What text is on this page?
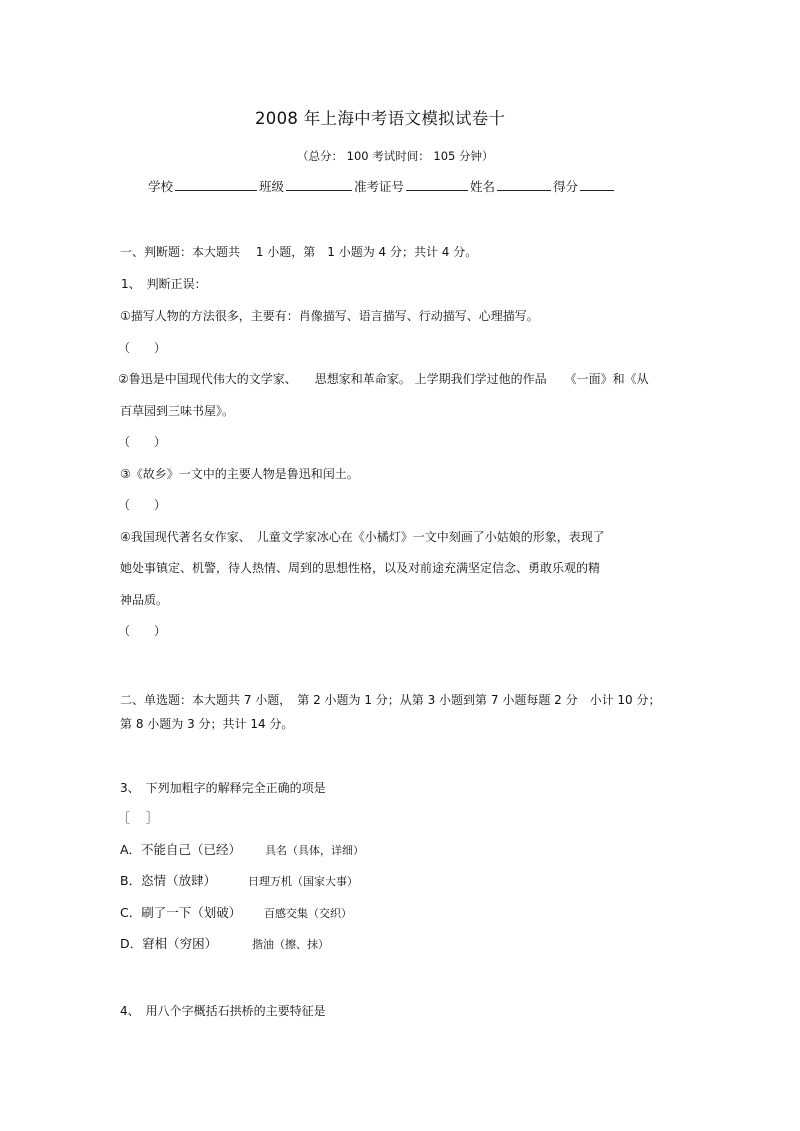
2008 年上海中考语文模拟试卷十
（总分： 100 考试时间： 105 分钟）
学校	班级	准考证号	姓名	得分
一、判断题：本大题共　 1 小题，第　1 小题为 4 分；共计 4 分。
1、　判断正误：
①描写人物的方法很多，主要有：肖像描写、语言描写、行动描写、心理描写。
（　　）
②鲁迅是中国现代伟大的文学家、　　思想家和革命家。 上学期我们学过他的作品　　《一面》和《从
百草园到三味书屋》。
（　　）
③《故乡》一文中的主要人物是鲁迅和闰土。
（　　）
④我国现代著名女作家、　儿童文学家冰心在《小橘灯》一文中刻画了小姑娘的形象，表现了
她处事镇定、机警，待人热情、周到的思想性格，以及对前途充满坚定信念、勇敢乐观的精
神品质。
（　　）
二、单选题：本大题共 7 小题，　第 2 小题为 1 分；从第 3 小题到第 7 小题每题 2 分　小计 10 分；
第 8 小题为 3 分；共计 14 分。
3、　下列加粗字的解释完全正确的项是
［　 ］
A．不能自己（已经） 具名（具体，详细）
B．恣情（放肆）	日理万机（国家大事）
C．刷了一下（划破） 百感交集（交织）
D．窘相（穷困）	揩油（擦、抹）
4、　用八个字概括石拱桥的主要特征是
